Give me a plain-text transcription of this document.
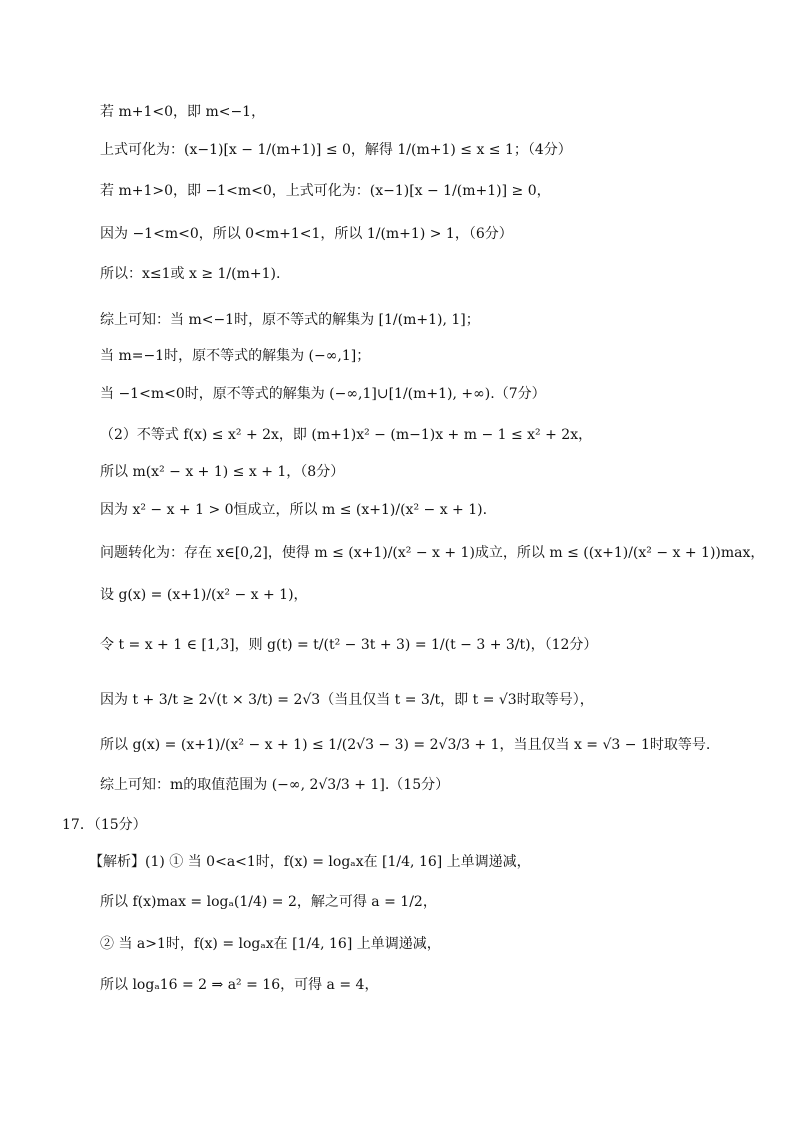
若 m+1<0，即 m<−1，
上式可化为：(x−1)[x − 1/(m+1)] ≤ 0，解得 1/(m+1) ≤ x ≤ 1；（4分）
若 m+1>0，即 −1<m<0，上式可化为：(x−1)[x − 1/(m+1)] ≥ 0，
因为 −1<m<0，所以 0<m+1<1，所以 1/(m+1) > 1，（6分）
所以：x≤1或 x ≥ 1/(m+1).
综上可知：当 m<−1时，原不等式的解集为 [1/(m+1), 1]；
当 m=−1时，原不等式的解集为 (−∞,1]；
当 −1<m<0时，原不等式的解集为 (−∞,1]∪[1/(m+1), +∞).（7分）
（2）不等式 f(x) ≤ x² + 2x，即 (m+1)x² − (m−1)x + m − 1 ≤ x² + 2x，
所以 m(x² − x + 1) ≤ x + 1，（8分）
因为 x² − x + 1 > 0恒成立，所以 m ≤ (x+1)/(x² − x + 1).
问题转化为：存在 x∈[0,2]，使得 m ≤ (x+1)/(x² − x + 1)成立，所以 m ≤ ((x+1)/(x² − x + 1))max，
设 g(x) = (x+1)/(x² − x + 1)，
令 t = x + 1 ∈ [1,3]，则 g(t) = t/(t² − 3t + 3) = 1/(t − 3 + 3/t)，（12分）
因为 t + 3/t ≥ 2√(t × 3/t) = 2√3（当且仅当 t = 3/t，即 t = √3时取等号），
所以 g(x) = (x+1)/(x² − x + 1) ≤ 1/(2√3 − 3) = 2√3/3 + 1，当且仅当 x = √3 − 1时取等号.
综上可知：m的取值范围为 (−∞, 2√3/3 + 1].（15分）
17．（15分）
【解析】(1) ① 当 0<a<1时，f(x) = logₐx在 [1/4, 16] 上单调递减，
所以 f(x)max = logₐ(1/4) = 2，解之可得 a = 1/2，
② 当 a>1时，f(x) = logₐx在 [1/4, 16] 上单调递减，
所以 logₐ16 = 2 ⇒ a² = 16，可得 a = 4，
